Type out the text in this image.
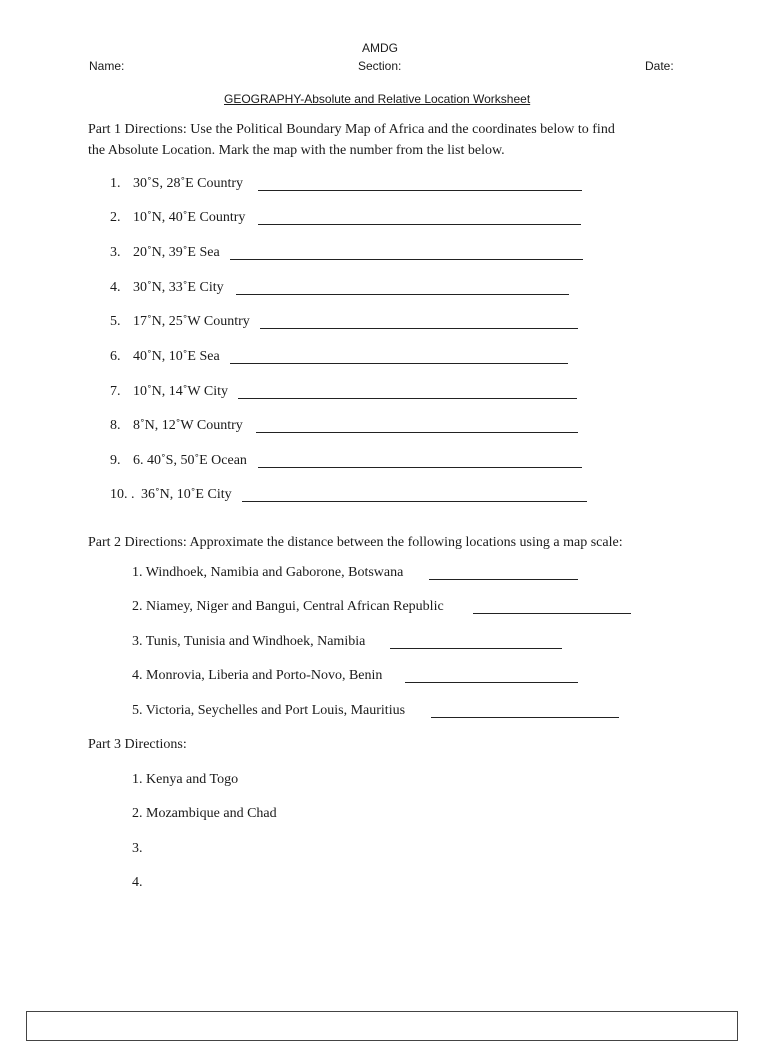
AMDG
Name:	Section:	Date:
GEOGRAPHY-Absolute and Relative Location Worksheet
Part 1 Directions: Use the Political Boundary Map of Africa and the coordinates below to find
the Absolute Location. Mark the map with the number from the list below.
1. 30˚S, 28˚E Country
2. 10˚N, 40˚E Country
3. 20˚N, 39˚E Sea
4. 30˚N, 33˚E City
5. 17˚N, 25˚W Country
6. 40˚N, 10˚E Sea
7. 10˚N, 14˚W City
8. 8˚N, 12˚W Country
9. 6. 40˚S, 50˚E Ocean
10. . 36˚N, 10˚E City
Part 2 Directions: Approximate the distance between the following locations using a map scale:
1. Windhoek, Namibia and Gaborone, Botswana
2. Niamey, Niger and Bangui, Central African Republic
3. Tunis, Tunisia and Windhoek, Namibia
4. Monrovia, Liberia and Porto-Novo, Benin
5. Victoria, Seychelles and Port Louis, Mauritius
Part 3 Directions:
1. Kenya and Togo
2. Mozambique and Chad
3.
4.
